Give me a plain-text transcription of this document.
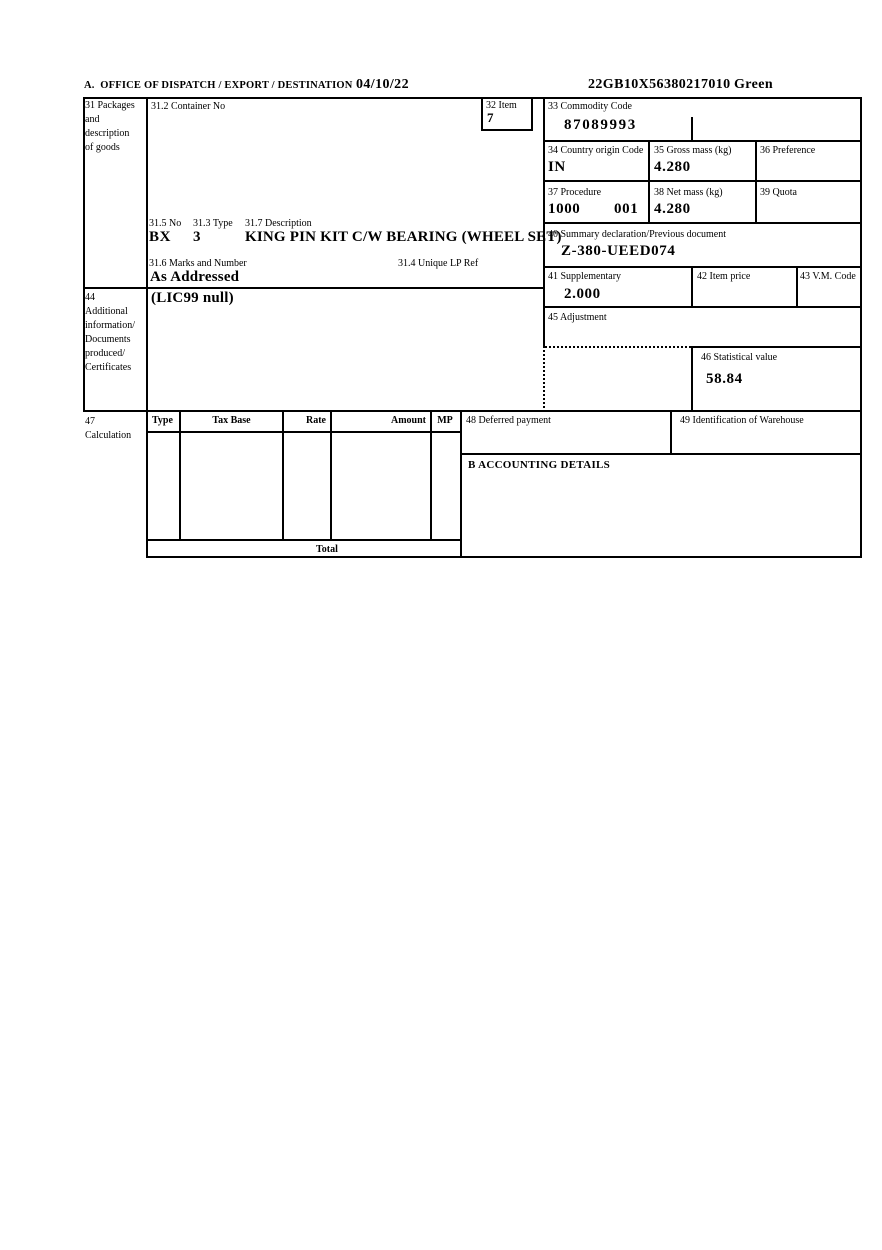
A.  OFFICE OF DISPATCH / EXPORT / DESTINATION 04/10/22	22GB10X56380217010 Green
31 Packages
and
description
of goods
31.2 Container No
31.5 No 31.3 Type 31.7 Description
BX 3	KING PIN KIT C/W BEARING (WHEEL SET)
31.6 Marks and Number	31.4 Unique LP Ref
As Addressed
32 Item
7
33 Commodity Code
87089993
34 Country origin Code
IN
35 Gross mass (kg)
4.280
36 Preference
37 Procedure
1000 001
38 Net mass (kg)
4.280
39 Quota
40 Summary declaration/Previous document
Z-380-UEED074
41 Supplementary
2.000
42 Item price	43 V.M. Code
45 Adjustment
46 Statistical value
58.84
44
Additional
information/
Documents
produced/
Certificates
(LIC99 null)
47
Calculation
Type	Tax Base	Rate	Amount	MP
Total
48 Deferred payment	49 Identification of Warehouse
B ACCOUNTING DETAILS
